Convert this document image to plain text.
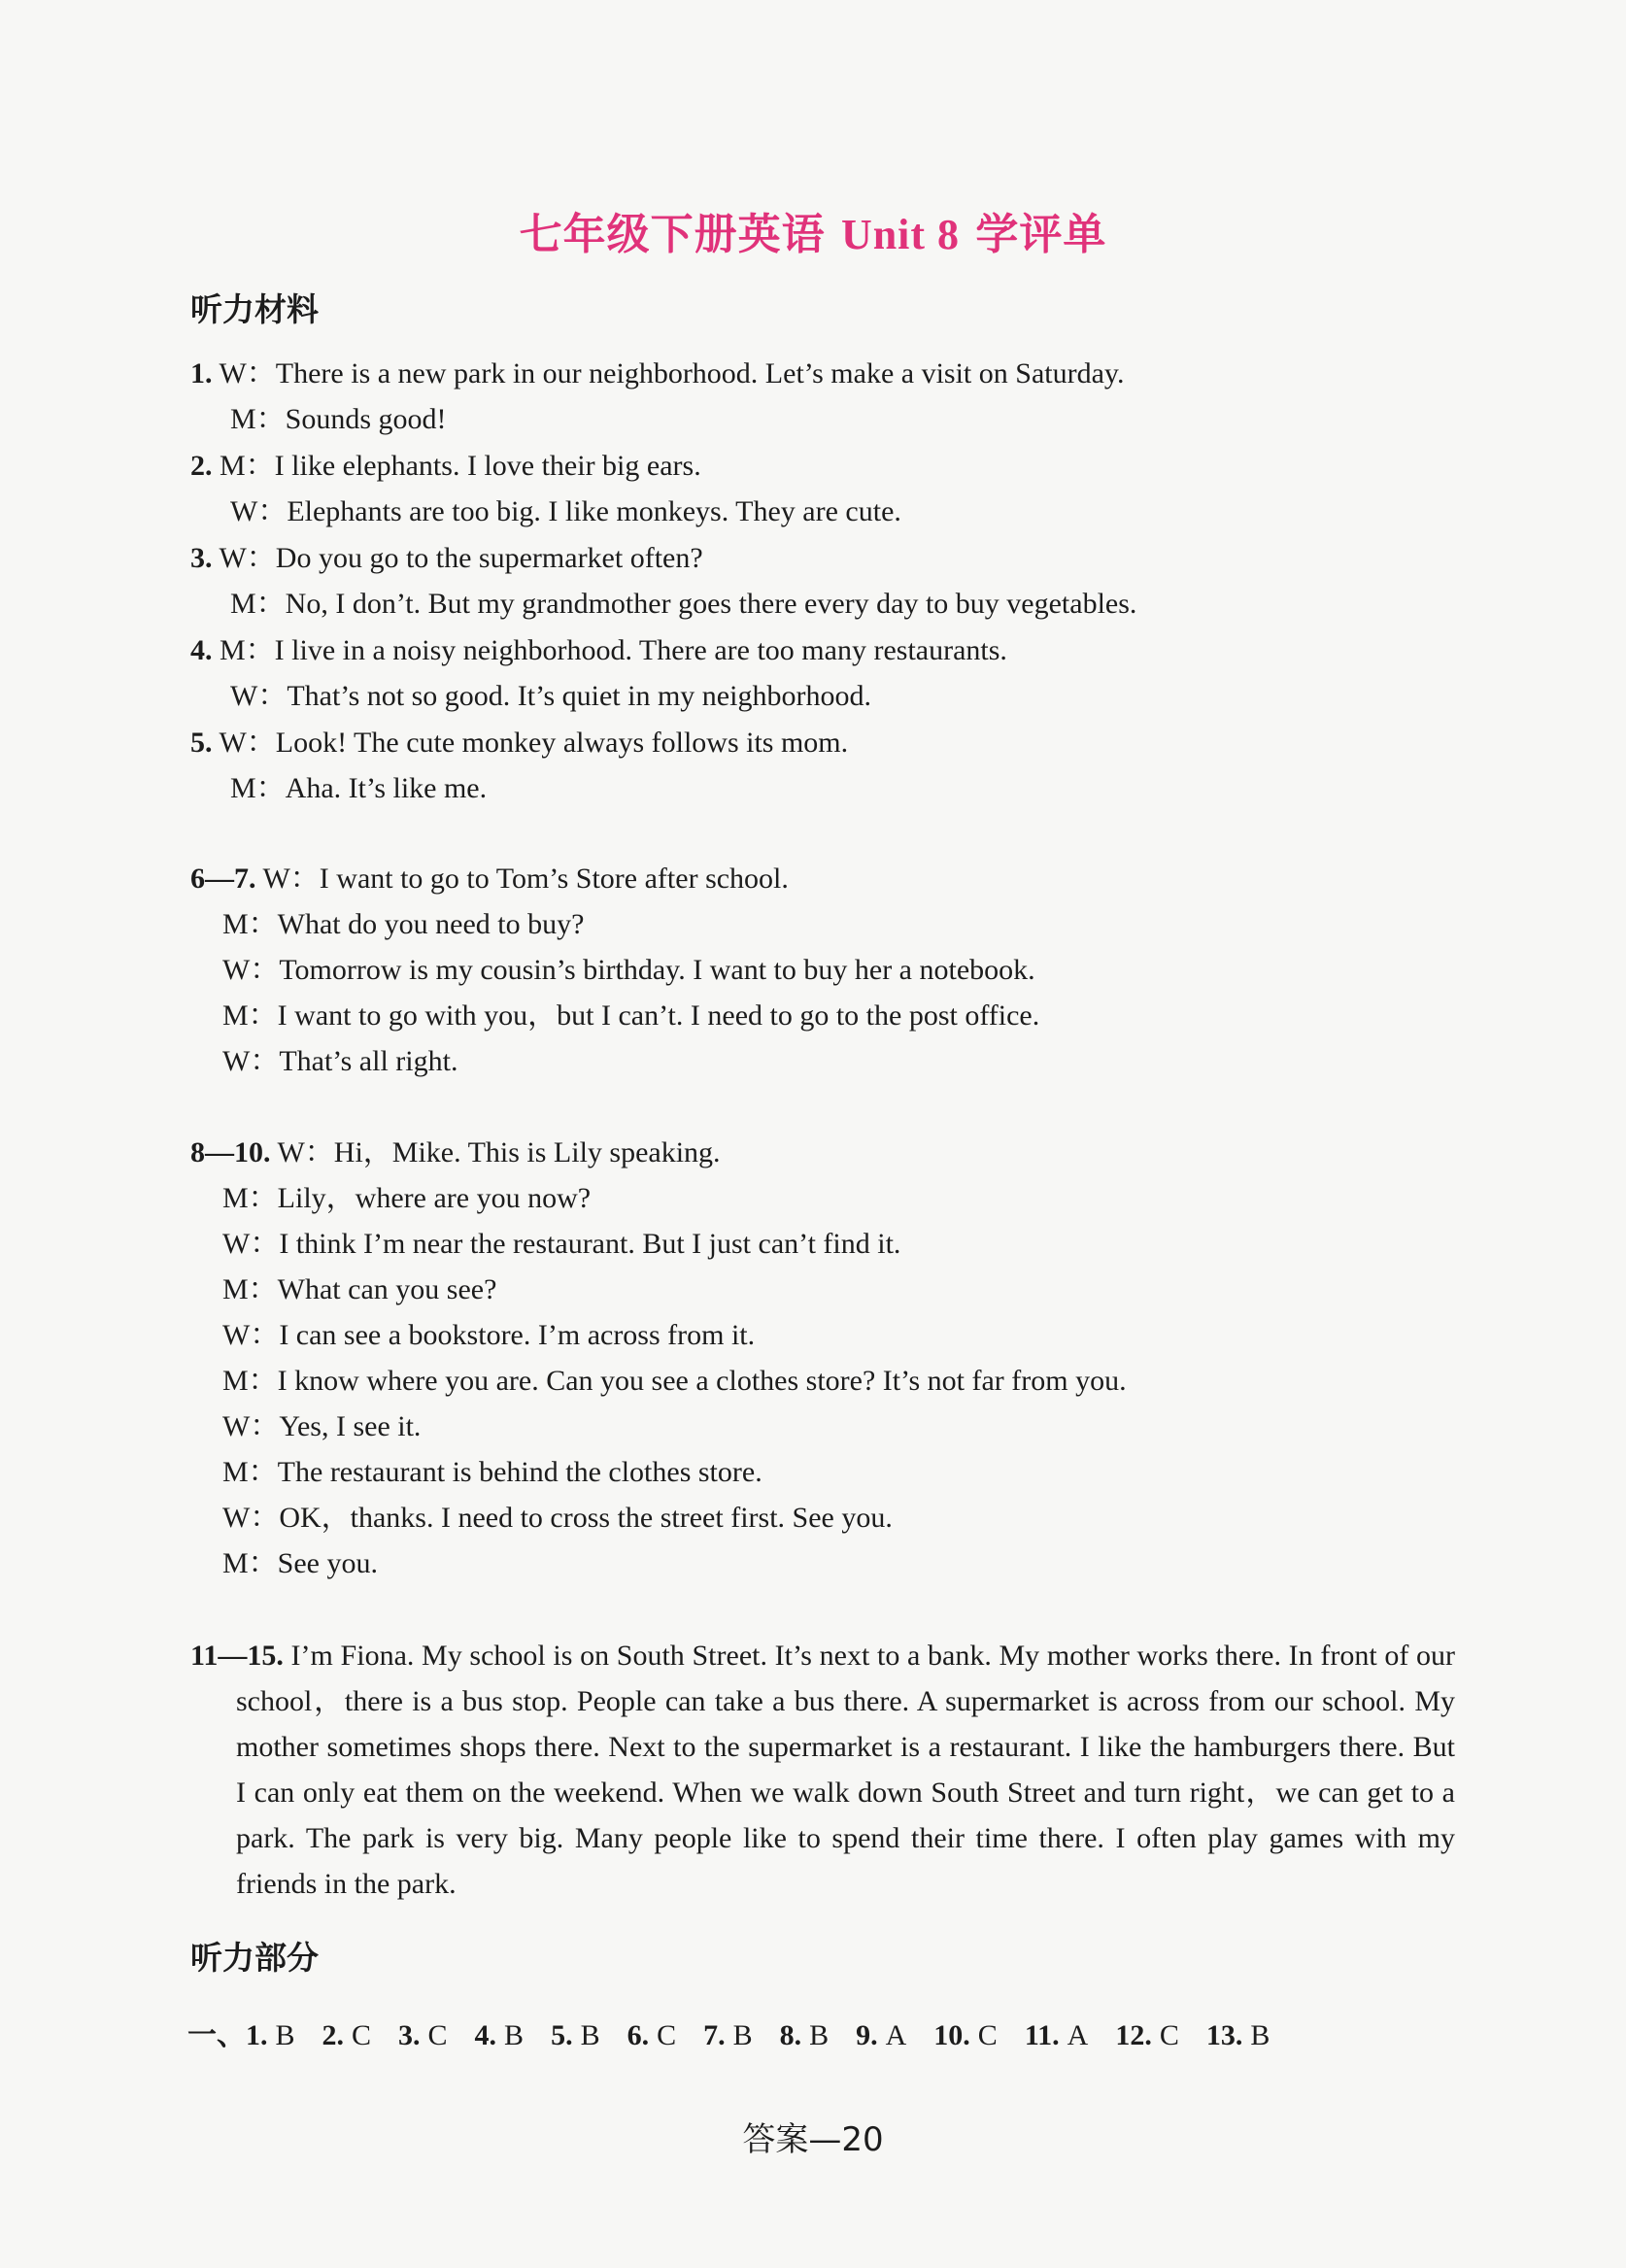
七年级下册英语 Unit 8 学评单
听力材料
1. W：There is a new park in our neighborhood. Let’s make a visit on Saturday.
M：Sounds good!
2. M：I like elephants. I love their big ears.
W：Elephants are too big. I like monkeys. They are cute.
3. W：Do you go to the supermarket often?
M：No, I don’t. But my grandmother goes there every day to buy vegetables.
4. M：I live in a noisy neighborhood. There are too many restaurants.
W：That’s not so good. It’s quiet in my neighborhood.
5. W：Look! The cute monkey always follows its mom.
M：Aha. It’s like me.
6—7. W：I want to go to Tom’s Store after school.
M：What do you need to buy?
W：Tomorrow is my cousin’s birthday. I want to buy her a notebook.
M：I want to go with you，but I can’t. I need to go to the post office.
W：That’s all right.
8—10. W：Hi，Mike. This is Lily speaking.
M：Lily，where are you now?
W：I think I’m near the restaurant. But I just can’t find it.
M：What can you see?
W：I can see a bookstore. I’m across from it.
M：I know where you are. Can you see a clothes store? It’s not far from you.
W：Yes, I see it.
M：The restaurant is behind the clothes store.
W：OK，thanks. I need to cross the street first. See you.
M：See you.
11—15. I’m Fiona. My school is on South Street. It’s next to a bank. My mother works there. In front of our school，there is a bus stop. People can take a bus there. A supermarket is across from our school. My mother sometimes shops there. Next to the supermarket is a restaurant. I like the hamburgers there. But I can only eat them on the weekend. When we walk down South Street and turn right，we can get to a park. The park is very big. Many people like to spend their time there. I often play games with my friends in the park.
听力部分
一、1. B 2. C 3. C 4. B 5. B 6. C 7. B 8. B 9. A 10. C 11. A 12. C 13. B
答案—20
